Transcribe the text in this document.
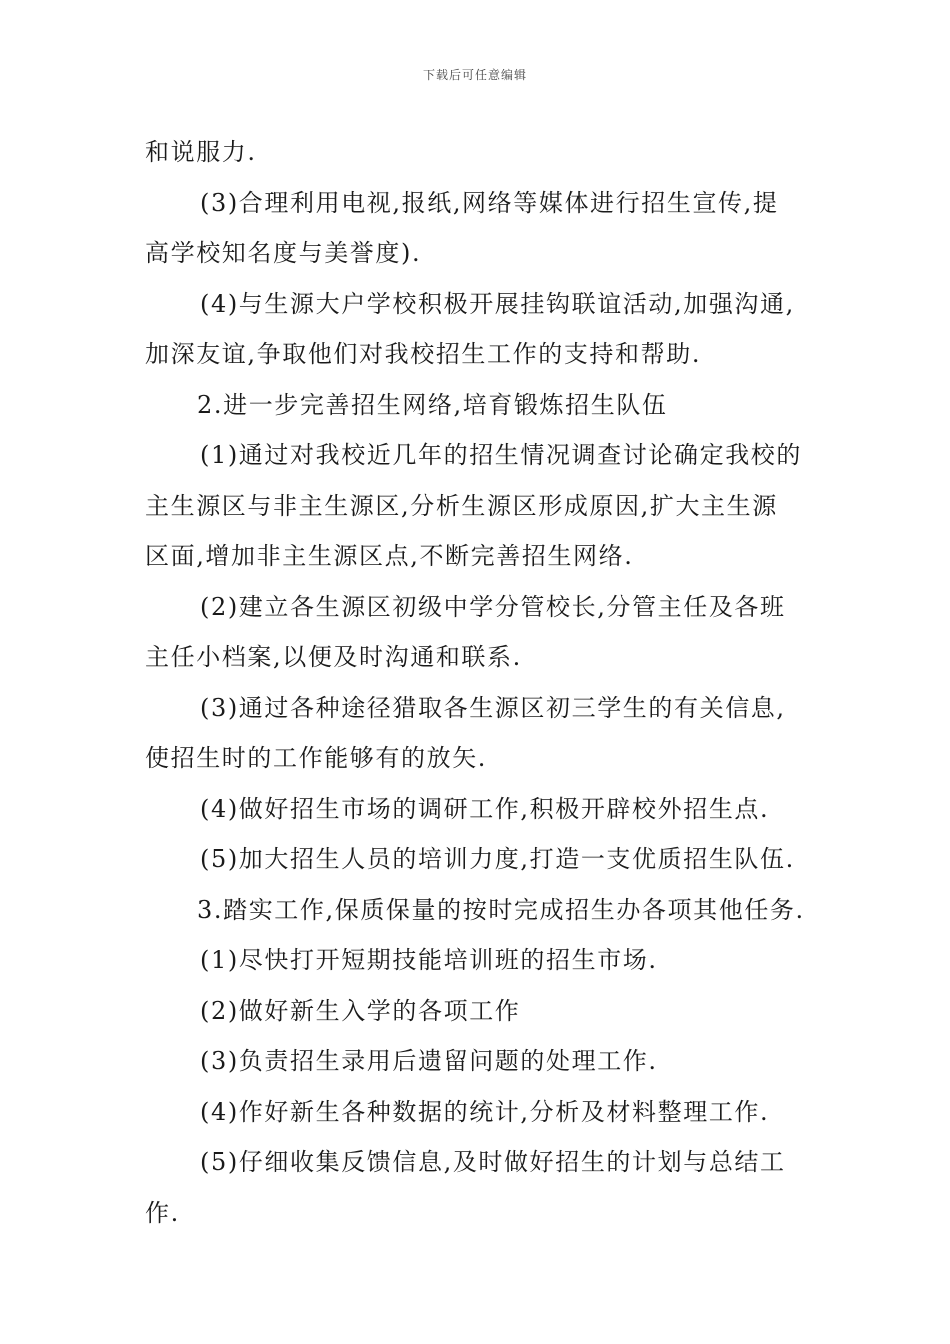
下载后可任意编辑

和说服力.

(3)合理利用电视,报纸,网络等媒体进行招生宣传,提
高学校知名度与美誉度).

(4)与生源大户学校积极开展挂钩联谊活动,加强沟通,
加深友谊,争取他们对我校招生工作的支持和帮助.

2.进一步完善招生网络,培育锻炼招生队伍

(1)通过对我校近几年的招生情况调查讨论确定我校的
主生源区与非主生源区,分析生源区形成原因,扩大主生源
区面,增加非主生源区点,不断完善招生网络.

(2)建立各生源区初级中学分管校长,分管主任及各班
主任小档案,以便及时沟通和联系.

(3)通过各种途径猎取各生源区初三学生的有关信息,
使招生时的工作能够有的放矢.

(4)做好招生市场的调研工作,积极开辟校外招生点.

(5)加大招生人员的培训力度,打造一支优质招生队伍.

3.踏实工作,保质保量的按时完成招生办各项其他任务.

(1)尽快打开短期技能培训班的招生市场.

(2)做好新生入学的各项工作

(3)负责招生录用后遗留问题的处理工作.

(4)作好新生各种数据的统计,分析及材料整理工作.

(5)仔细收集反馈信息,及时做好招生的计划与总结工
作.
